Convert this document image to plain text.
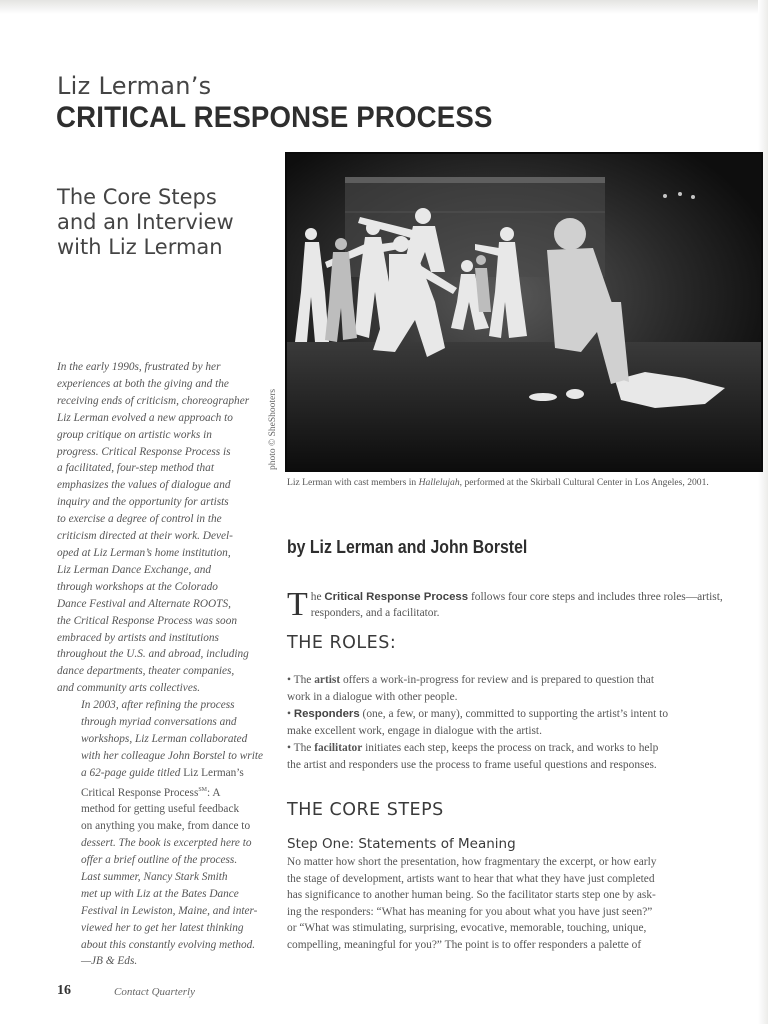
Liz Lerman’s
CRITICAL RESPONSE PROCESS
The Core Steps
and an Interview
with Liz Lerman

In the early 1990s, frustrated by her
experiences at both the giving and the
receiving ends of criticism, choreographer
Liz Lerman evolved a new approach to
group critique on artistic works in
progress. Critical Response Process is
a facilitated, four-step method that
emphasizes the values of dialogue and
inquiry and the opportunity for artists
to exercise a degree of control in the
criticism directed at their work. Devel-
oped at Liz Lerman’s home institution,
Liz Lerman Dance Exchange, and
through workshops at the Colorado
Dance Festival and Alternate ROOTS,
the Critical Response Process was soon
embraced by artists and institutions
throughout the U.S. and abroad, including
dance departments, theater companies,
and community arts collectives.

In 2003, after refining the process
through myriad conversations and
workshops, Liz Lerman collaborated
with her colleague John Borstel to write
a 62-page guide titled Liz Lerman’s
Critical Response Process℠: A
method for getting useful feedback
on anything you make, from dance to
dessert. The book is excerpted here to
offer a brief outline of the process.

Last summer, Nancy Stark Smith
met up with Liz at the Bates Dance
Festival in Lewiston, Maine, and inter-
viewed her to get her latest thinking
about this constantly evolving method.
—JB & Eds.

photo © SheShooters
Liz Lerman with cast members in Hallelujah, performed at the Skirball Cultural Center in Los Angeles, 2001.
by Liz Lerman and John Borstel
The Critical Response Process follows four core steps and includes three roles—artist, responders, and a facilitator.
THE ROLES:
• The artist offers a work-in-progress for review and is prepared to question that
work in a dialogue with other people.
• Responders (one, a few, or many), committed to supporting the artist’s intent to
make excellent work, engage in dialogue with the artist.
• The facilitator initiates each step, keeps the process on track, and works to help
the artist and responders use the process to frame useful questions and responses.
THE CORE STEPS
Step One: Statements of Meaning
No matter how short the presentation, how fragmentary the excerpt, or how early
the stage of development, artists want to hear that what they have just completed
has significance to another human being. So the facilitator starts step one by ask-
ing the responders: “What has meaning for you about what you have just seen?”
or “What was stimulating, surprising, evocative, memorable, touching, unique,
compelling, meaningful for you?” The point is to offer responders a palette of
16	Contact Quarterly
